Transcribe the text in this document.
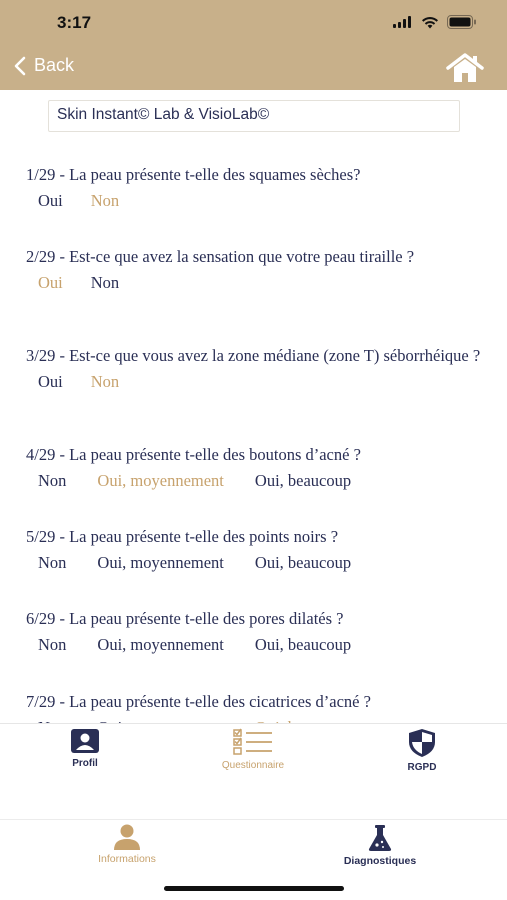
3:17
Back
Skin Instant© Lab & VisioLab©
1/29 - La peau présente t-elle des squames sèches?
Oui Non
2/29 - Est-ce que avez la sensation que votre peau tiraille ?
Oui Non
3/29 - Est-ce que vous avez la zone médiane (zone T) séborrhéique ?
Oui Non
4/29 - La peau présente t-elle des boutons d’acné ?
Non Oui, moyennement Oui, beaucoup
5/29 - La peau présente t-elle des points noirs ?
Non Oui, moyennement Oui, beaucoup
6/29 - La peau présente t-elle des pores dilatés ?
Non Oui, moyennement Oui, beaucoup
7/29 - La peau présente t-elle des cicatrices d’acné ?
Profil	Questionnaire	RGPD
Informations	Diagnostiques
